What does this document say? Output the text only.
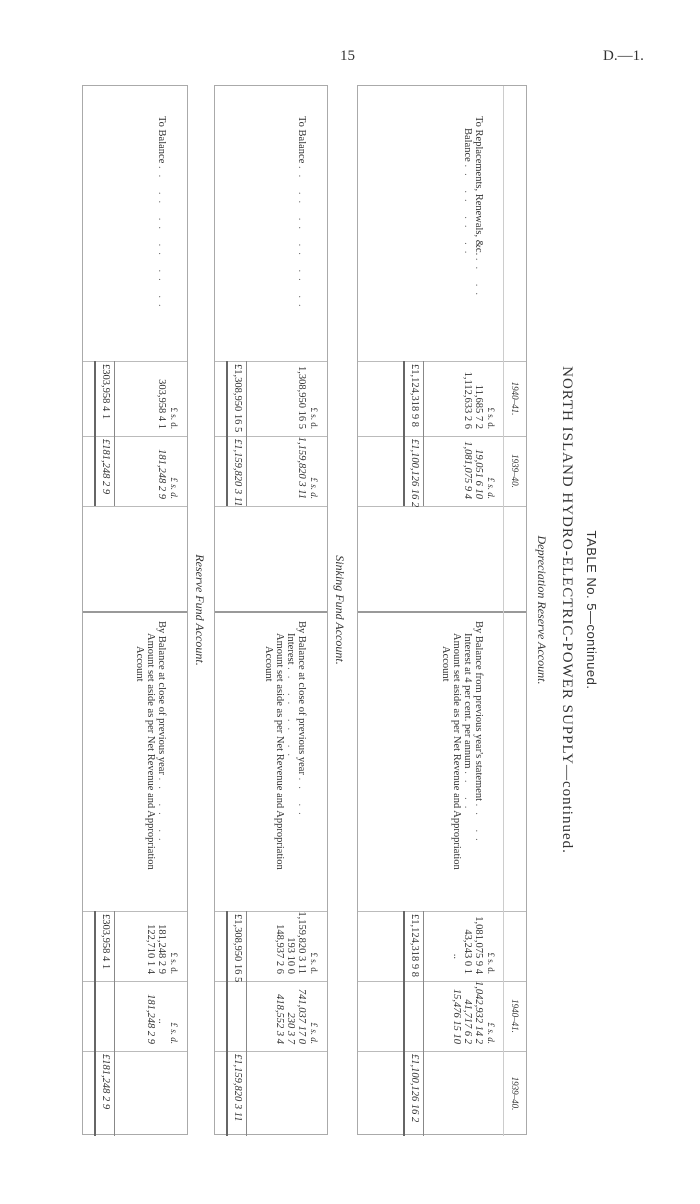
15	D.—1.
TABLE No. 5—continued.
NORTH ISLAND HYDRO-ELECTRIC-POWER SUPPLY—continued.
Depreciation Reserve Account.
1940–41.
1939–40.
1940–41.
1939–40.
£ s. d.
£ s. d.
£ s. d.
£ s. d.
To Replacements, Renewals, &c. .. ..
Balance .. .. .. ..
11,685 7 2
1,112,633 2 6
19,051 6 10
1,081,075 9 4
By Balance from previous year's statement .. ..
Interest at 4 per cent. per annum .. ..
Amount set aside as per Net Revenue and Appropriation
Account
1,081,075 9 4
43,243 0 1
..
1,042,932 14 2
41,717 6 2
15,476 15 10
£1,124,318 9 8
£1,100,126 16 2
£1,124,318 9 8
£1,100,126 16 2
Sinking Fund Account.
£ s. d.
£ s. d.
£ s. d.
£ s. d.
To Balance .. .. .. .. .. ..
1,308,950 16 5
1,159,820 3 11
By Balance at close of previous year .. ..
Interest .. .. .. ..
Amount set aside as per Net Revenue and Appropriation
Account
1,159,820 3 11
193 10 0
148,937 2 6
741,037 17 0
230 3 7
418,552 3 4
£1,308,950 16 5
£1,159,820 3 11
£1,308,950 16 5
£1,159,820 3 11
Reserve Fund Account.
£ s. d.
£ s. d.
£ s. d.
£ s. d.
To Balance .. .. .. .. .. ..
303,958 4 1
181,248 2 9
By Balance at close of previous year .. .. ..
Amount set aside as per Net Revenue and Appropriation
Account
181,248 2 9
122,710 1 4
..
181,248 2 9
£303,958 4 1
£181,248 2 9
£303,958 4 1
£181,248 2 9
